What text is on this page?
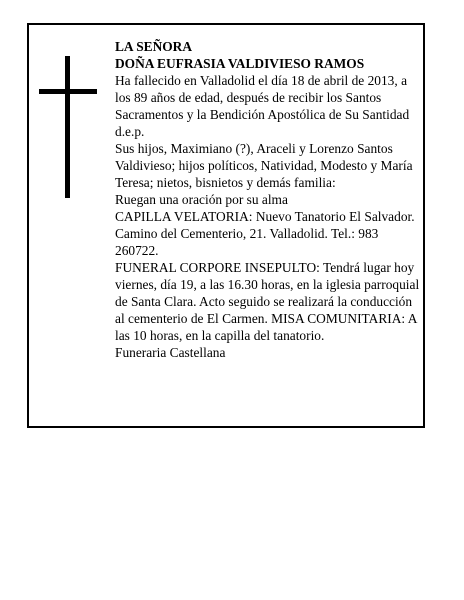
LA SEÑORA

DOÑA EUFRASIA VALDIVIESO RAMOS

Ha fallecido en Valladolid el día 18 de abril de 2013, a los 89 años de edad, después de recibir los Santos Sacramentos y la Bendición Apostólica de Su Santidad d.e.p.

Sus hijos, Maximiano (?), Araceli y Lorenzo Santos Valdivieso; hijos políticos, Natividad, Modesto y María Teresa; nietos, bisnietos y demás familia:

Ruegan una oración por su alma

CAPILLA VELATORIA: Nuevo Tanatorio El Salvador. Camino del Cementerio, 21. Valladolid. Tel.: 983 260722.

FUNERAL CORPORE INSEPULTO: Tendrá lugar hoy viernes, día 19, a las 16.30 horas, en la iglesia parroquial de Santa Clara. Acto seguido se realizará la conducción al cementerio de El Carmen. MISA COMUNITARIA: A las 10 horas, en la capilla del tanatorio.

Funeraria Castellana
